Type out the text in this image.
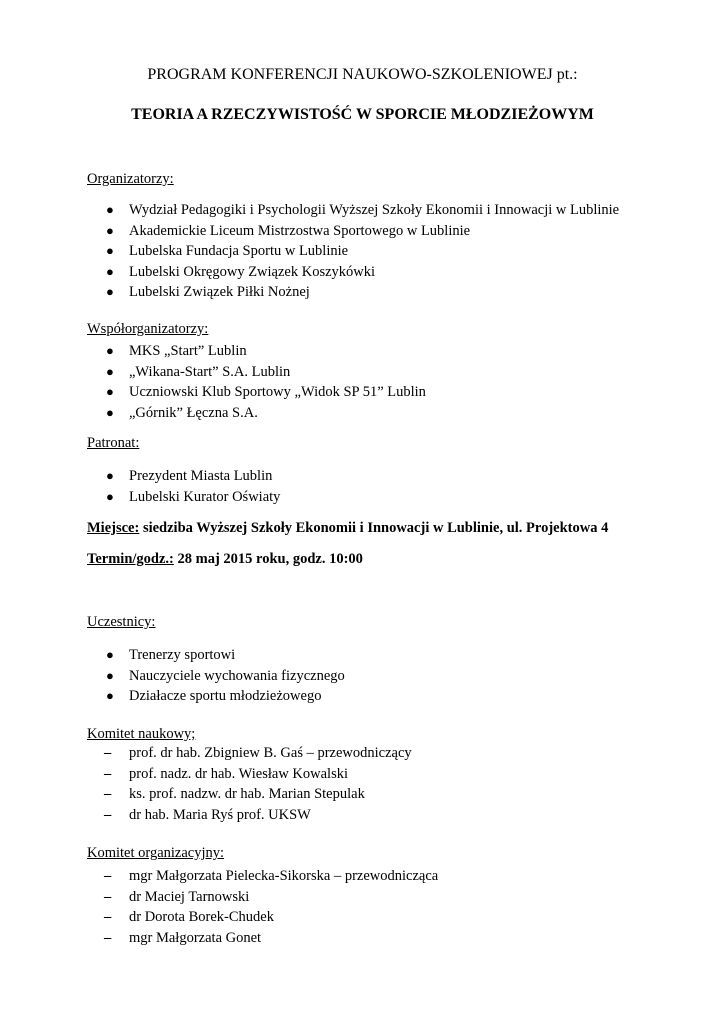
PROGRAM KONFERENCJI NAUKOWO-SZKOLENIOWEJ pt.:
TEORIA A RZECZYWISTOŚĆ W SPORCIE MŁODZIEŻOWYM
Organizatorzy:
● Wydział Pedagogiki i Psychologii Wyższej Szkoły Ekonomii i Innowacji w Lublinie
● Akademickie Liceum Mistrzostwa Sportowego w Lublinie
● Lubelska Fundacja Sportu w Lublinie
● Lubelski Okręgowy Związek Koszykówki
● Lubelski Związek Piłki Nożnej
Współorganizatorzy:
● MKS „Start” Lublin
● „Wikana-Start” S.A. Lublin
● Uczniowski Klub Sportowy „Widok SP 51” Lublin
● „Górnik” Łęczna S.A.
Patronat:
● Prezydent Miasta Lublin
● Lubelski Kurator Oświaty
Miejsce: siedziba Wyższej Szkoły Ekonomii i Innowacji w Lublinie, ul. Projektowa 4
Termin/godz.: 28 maj 2015 roku, godz. 10:00
Uczestnicy:
● Trenerzy sportowi
● Nauczyciele wychowania fizycznego
● Działacze sportu młodzieżowego
Komitet naukowy;
– prof. dr hab. Zbigniew B. Gaś – przewodniczący
– prof. nadz. dr hab. Wiesław Kowalski
– ks. prof. nadzw. dr hab. Marian Stepulak
– dr hab. Maria Ryś prof. UKSW
Komitet organizacyjny:
– mgr Małgorzata Pielecka-Sikorska – przewodnicząca
– dr Maciej Tarnowski
– dr Dorota Borek-Chudek
– mgr Małgorzata Gonet
